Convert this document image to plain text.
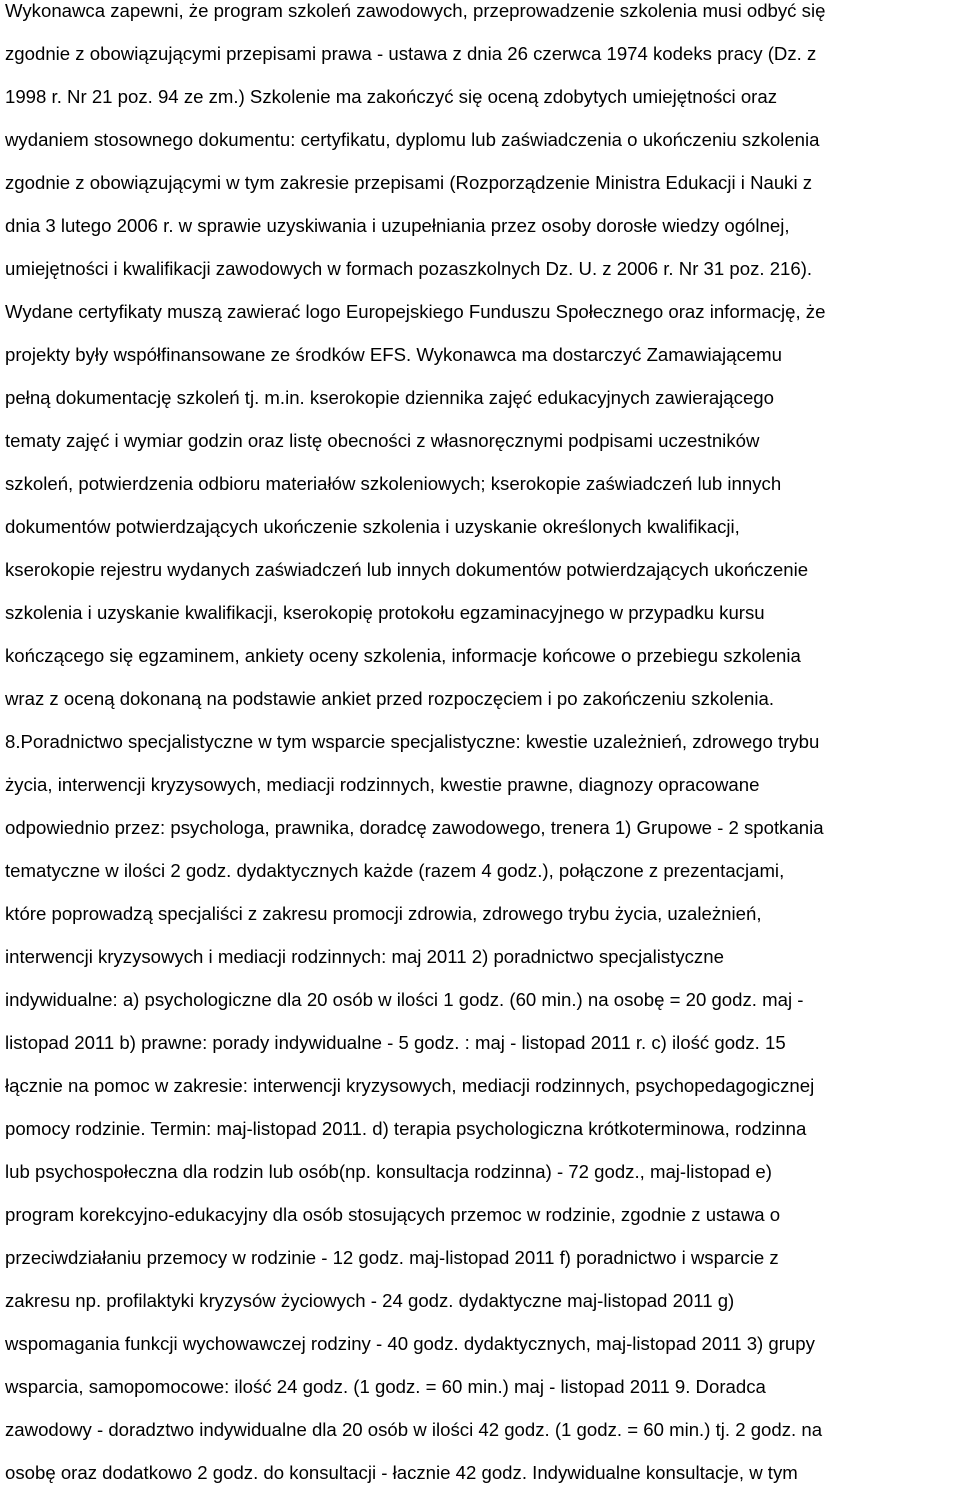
Wykonawca zapewni, że program szkoleń zawodowych, przeprowadzenie szkolenia musi odbyć się
zgodnie z obowiązującymi przepisami prawa - ustawa z dnia 26 czerwca 1974 kodeks pracy (Dz. z
1998 r. Nr 21 poz. 94 ze zm.) Szkolenie ma zakończyć się oceną zdobytych umiejętności oraz
wydaniem stosownego dokumentu: certyfikatu, dyplomu lub zaświadczenia o ukończeniu szkolenia
zgodnie z obowiązującymi w tym zakresie przepisami (Rozporządzenie Ministra Edukacji i Nauki z
dnia 3 lutego 2006 r. w sprawie uzyskiwania i uzupełniania przez osoby dorosłe wiedzy ogólnej,
umiejętności i kwalifikacji zawodowych w formach pozaszkolnych Dz. U. z 2006 r. Nr 31 poz. 216).
Wydane certyfikaty muszą zawierać logo Europejskiego Funduszu Społecznego oraz informację, że
projekty były współfinansowane ze środków EFS. Wykonawca ma dostarczyć Zamawiającemu
pełną dokumentację szkoleń tj. m.in. kserokopie dziennika zajęć edukacyjnych zawierającego
tematy zajęć i wymiar godzin oraz listę obecności z własnoręcznymi podpisami uczestników
szkoleń, potwierdzenia odbioru materiałów szkoleniowych; kserokopie zaświadczeń lub innych
dokumentów potwierdzających ukończenie szkolenia i uzyskanie określonych kwalifikacji,
kserokopie rejestru wydanych zaświadczeń lub innych dokumentów potwierdzających ukończenie
szkolenia i uzyskanie kwalifikacji, kserokopię protokołu egzaminacyjnego w przypadku kursu
kończącego się egzaminem, ankiety oceny szkolenia, informacje końcowe o przebiegu szkolenia
wraz z oceną dokonaną na podstawie ankiet przed rozpoczęciem i po zakończeniu szkolenia.
8.Poradnictwo specjalistyczne w tym wsparcie specjalistyczne: kwestie uzależnień, zdrowego trybu
życia, interwencji kryzysowych, mediacji rodzinnych, kwestie prawne, diagnozy opracowane
odpowiednio przez: psychologa, prawnika, doradcę zawodowego, trenera 1) Grupowe - 2 spotkania
tematyczne w ilości 2 godz. dydaktycznych każde (razem 4 godz.), połączone z prezentacjami,
które poprowadzą specjaliści z zakresu promocji zdrowia, zdrowego trybu życia, uzależnień,
interwencji kryzysowych i mediacji rodzinnych: maj 2011 2) poradnictwo specjalistyczne
indywidualne: a) psychologiczne dla 20 osób w ilości 1 godz. (60 min.) na osobę = 20 godz. maj -
listopad 2011 b) prawne: porady indywidualne - 5 godz. : maj - listopad 2011 r. c) ilość godz. 15
łącznie na pomoc w zakresie: interwencji kryzysowych, mediacji rodzinnych, psychopedagogicznej
pomocy rodzinie. Termin: maj-listopad 2011. d) terapia psychologiczna krótkoterminowa, rodzinna
lub psychospołeczna dla rodzin lub osób(np. konsultacja rodzinna) - 72 godz., maj-listopad e)
program korekcyjno-edukacyjny dla osób stosujących przemoc w rodzinie, zgodnie z ustawa o
przeciwdziałaniu przemocy w rodzinie - 12 godz. maj-listopad 2011 f) poradnictwo i wsparcie z
zakresu np. profilaktyki kryzysów życiowych - 24 godz. dydaktyczne maj-listopad 2011 g)
wspomagania funkcji wychowawczej rodziny - 40 godz. dydaktycznych, maj-listopad 2011 3) grupy
wsparcia, samopomocowe: ilość 24 godz. (1 godz. = 60 min.) maj - listopad 2011 9. Doradca
zawodowy - doradztwo indywidualne dla 20 osób w ilości 42 godz. (1 godz. = 60 min.) tj. 2 godz. na
osobę oraz dodatkowo 2 godz. do konsultacji - łacznie 42 godz. Indywidualne konsultacje, w tym
